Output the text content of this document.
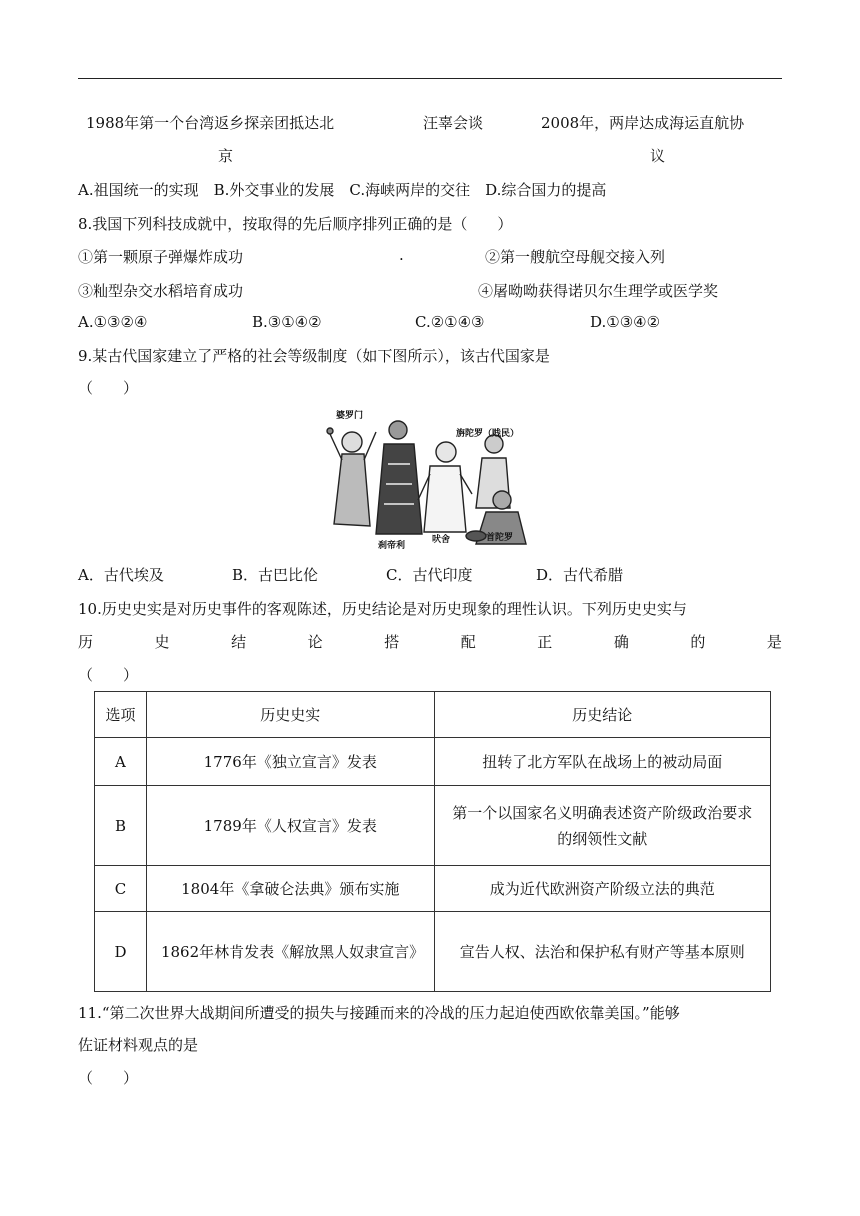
1988年第一个台湾返乡探亲团抵达北
京
汪辜会谈	2008年，两岸达成海运直航协
议
A.祖国统一的实现　B.外交事业的发展　C.海峡两岸的交往　D.综合国力的提高
8.我国下列科技成就中，按取得的先后顺序排列正确的是（　　）
①第一颗原子弹爆炸成功	.	②第一艘航空母舰交接入列
③籼型杂交水稻培育成功	④屠呦呦获得诺贝尔生理学或医学奖
A.①③②④	B.③①④②	C.②①④③	D.①③④②
9.某古代国家建立了严格的社会等级制度（如下图所示），该古代国家是
（　　）
婆罗门
旃陀罗（贱民）
刹帝利
吠舍	首陀罗
A．古代埃及	B．古巴比伦	C．古代印度	D．古代希腊
10.历史史实是对历史事件的客观陈述，历史结论是对历史现象的理性认识。下列历史史实与
历	史	结	论	搭	配	正	确	的	是
（　　）
选项	历史史实	历史结论
A	1776年《独立宣言》发表	扭转了北方军队在战场上的被动局面
B	1789年《人权宣言》发表	第一个以国家名义明确表述资产阶级政治要求的纲领性文献
C	1804年《拿破仑法典》颁布实施	成为近代欧洲资产阶级立法的典范
D	1862年林肯发表《解放黑人奴隶宣言》	宣告人权、法治和保护私有财产等基本原则
11.“第二次世界大战期间所遭受的损失与接踵而来的冷战的压力起迫使西欧依靠美国。”能够
佐证材料观点的是
（　　）
